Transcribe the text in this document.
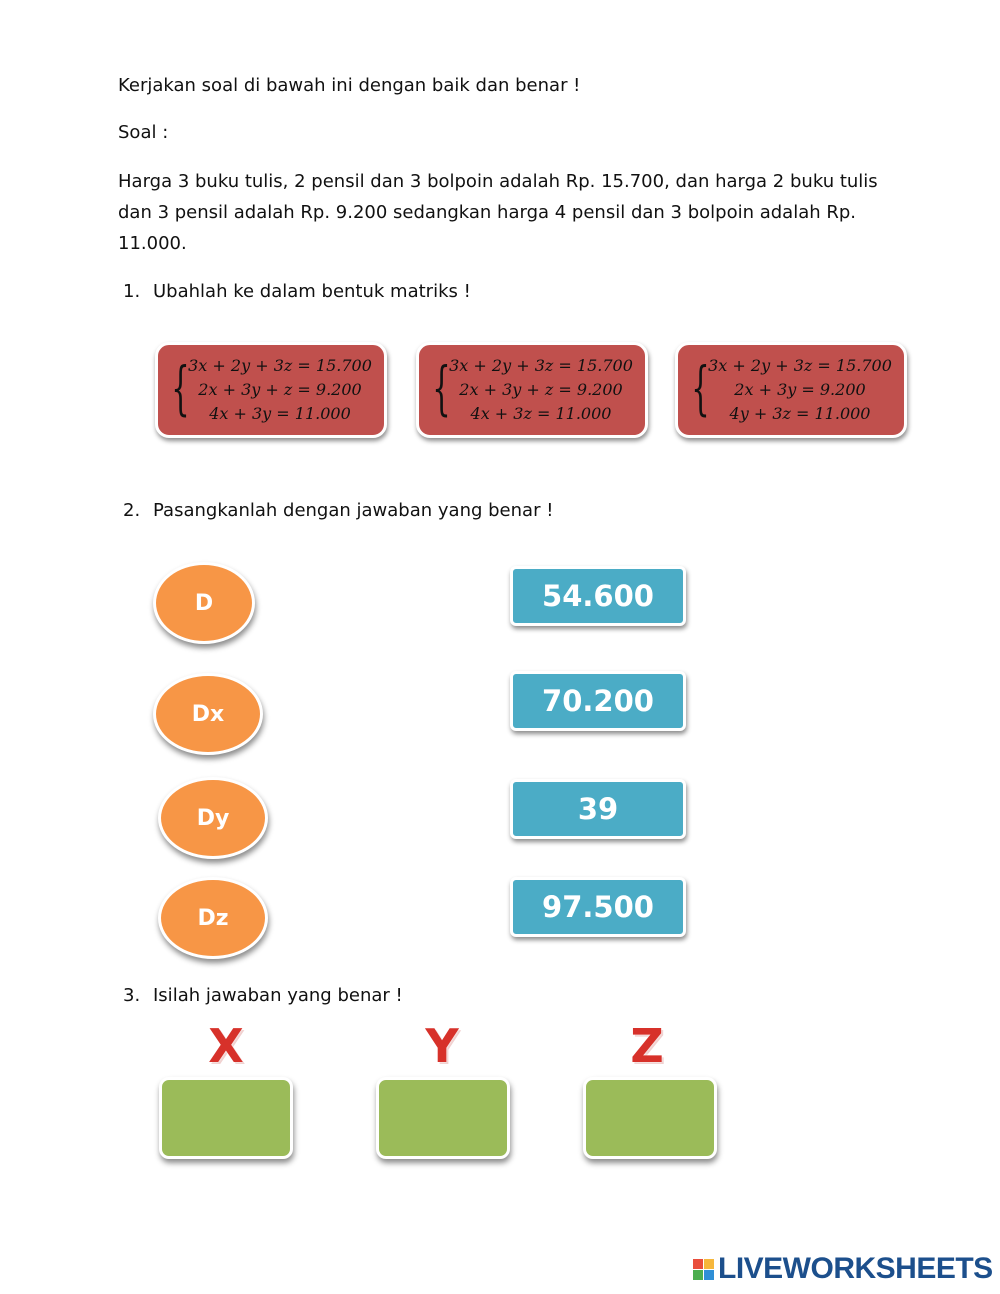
Kerjakan soal di bawah ini dengan baik dan benar !

Soal :

Harga 3 buku tulis, 2 pensil dan 3 bolpoin adalah Rp. 15.700, dan harga 2 buku tulis dan 3 pensil adalah Rp. 9.200 sedangkan harga 4 pensil dan 3 bolpoin adalah Rp. 11.000.

1. Ubahlah ke dalam bentuk matriks !
{
3x + 2y + 3z = 15.700
2x + 3y + z = 9.200
4x + 3y = 11.000	{
3x + 2y + 3z = 15.700
2x + 3y + z = 9.200
4x + 3z = 11.000	{
3x + 2y + 3z = 15.700
2x + 3y = 9.200
4y + 3z = 11.000
2. Pasangkanlah dengan jawaban yang benar !
D
Dx
Dy
Dz
54.600
70.200
39
97.500
3. Isilah jawaban yang benar !
X	Y	Z
LIVEWORKSHEETS
